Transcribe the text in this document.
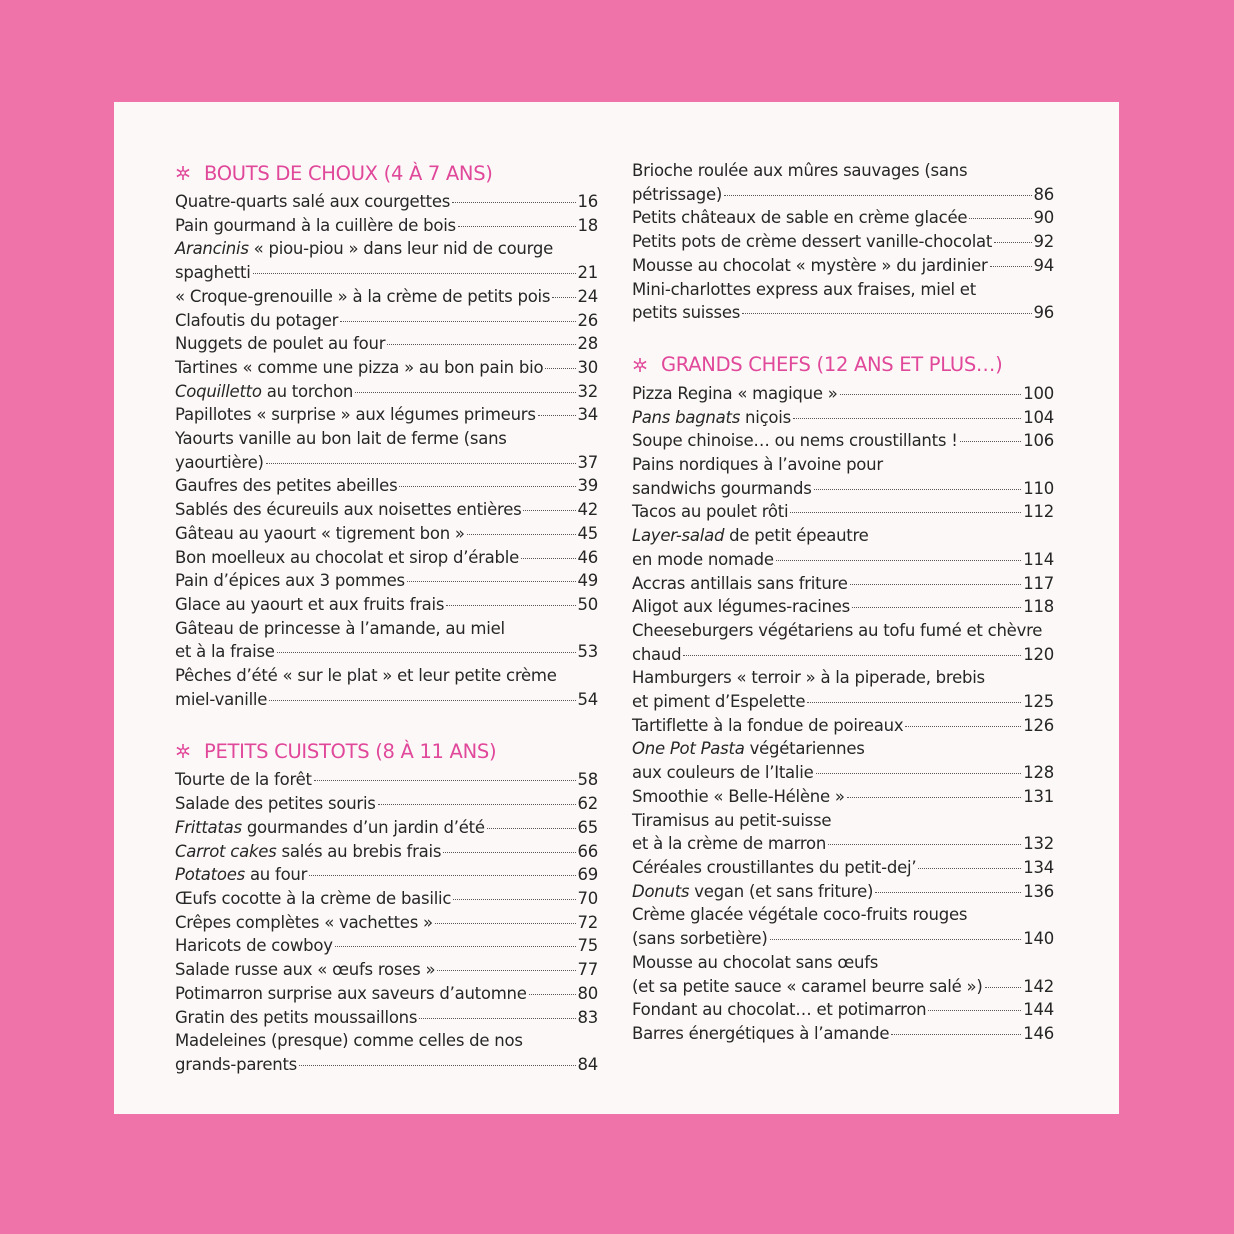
BOUTS DE CHOUX (4 À 7 ANS)
Quatre-quarts salé aux courgettes	16
Pain gourmand à la cuillère de bois	18
Arancinis « piou-piou » dans leur nid de courge
spaghetti	21
« Croque-grenouille » à la crème de petits pois 24
Clafoutis du potager	26
Nuggets de poulet au four	28
Tartines « comme une pizza » au bon pain bio 30
Coquilletto au torchon	32
Papillotes « surprise » aux légumes primeurs	34
Yaourts vanille au bon lait de ferme (sans
yaourtière)	37
Gaufres des petites abeilles	39
Sablés des écureuils aux noisettes entières	42
Gâteau au yaourt « tigrement bon »	45
Bon moelleux au chocolat et sirop d’érable	46
Pain d’épices aux 3 pommes	49
Glace au yaourt et aux fruits frais	50
Gâteau de princesse à l’amande, au miel
et à la fraise	53
Pêches d’été « sur le plat » et leur petite crème
miel-vanille	54
PETITS CUISTOTS (8 À 11 ANS)
Tourte de la forêt	58
Salade des petites souris	62
Frittatas gourmandes d’un jardin d’été	65
Carrot cakes salés au brebis frais	66
Potatoes au four	69
Œufs cocotte à la crème de basilic	70
Crêpes complètes « vachettes »	72
Haricots de cowboy	75
Salade russe aux « œufs roses »	77
Potimarron surprise aux saveurs d’automne	80
Gratin des petits moussaillons	83
Madeleines (presque) comme celles de nos
grands-parents	84
Brioche roulée aux mûres sauvages (sans
pétrissage)	86
Petits châteaux de sable en crème glacée	90
Petits pots de crème dessert vanille-chocolat	92
Mousse au chocolat « mystère » du jardinier	94
Mini-charlottes express aux fraises, miel et
petits suisses	96
GRANDS CHEFS (12 ANS ET PLUS…)
Pizza Regina « magique »	100
Pans bagnats niçois	104
Soupe chinoise… ou nems croustillants !	106
Pains nordiques à l’avoine pour
sandwichs gourmands	110
Tacos au poulet rôti	112
Layer-salad de petit épeautre
en mode nomade	114
Accras antillais sans friture	117
Aligot aux légumes-racines	118
Cheeseburgers végétariens au tofu fumé et chèvre
chaud	120
Hamburgers « terroir » à la piperade, brebis
et piment d’Espelette	125
Tartiflette à la fondue de poireaux	126
One Pot Pasta végétariennes
aux couleurs de l’Italie	128
Smoothie « Belle-Hélène »	131
Tiramisus au petit-suisse
et à la crème de marron	132
Céréales croustillantes du petit-dej’	134
Donuts vegan (et sans friture)	136
Crème glacée végétale coco-fruits rouges
(sans sorbetière)	140
Mousse au chocolat sans œufs
(et sa petite sauce « caramel beurre salé ») 142
Fondant au chocolat… et potimarron	144
Barres énergétiques à l’amande	146
